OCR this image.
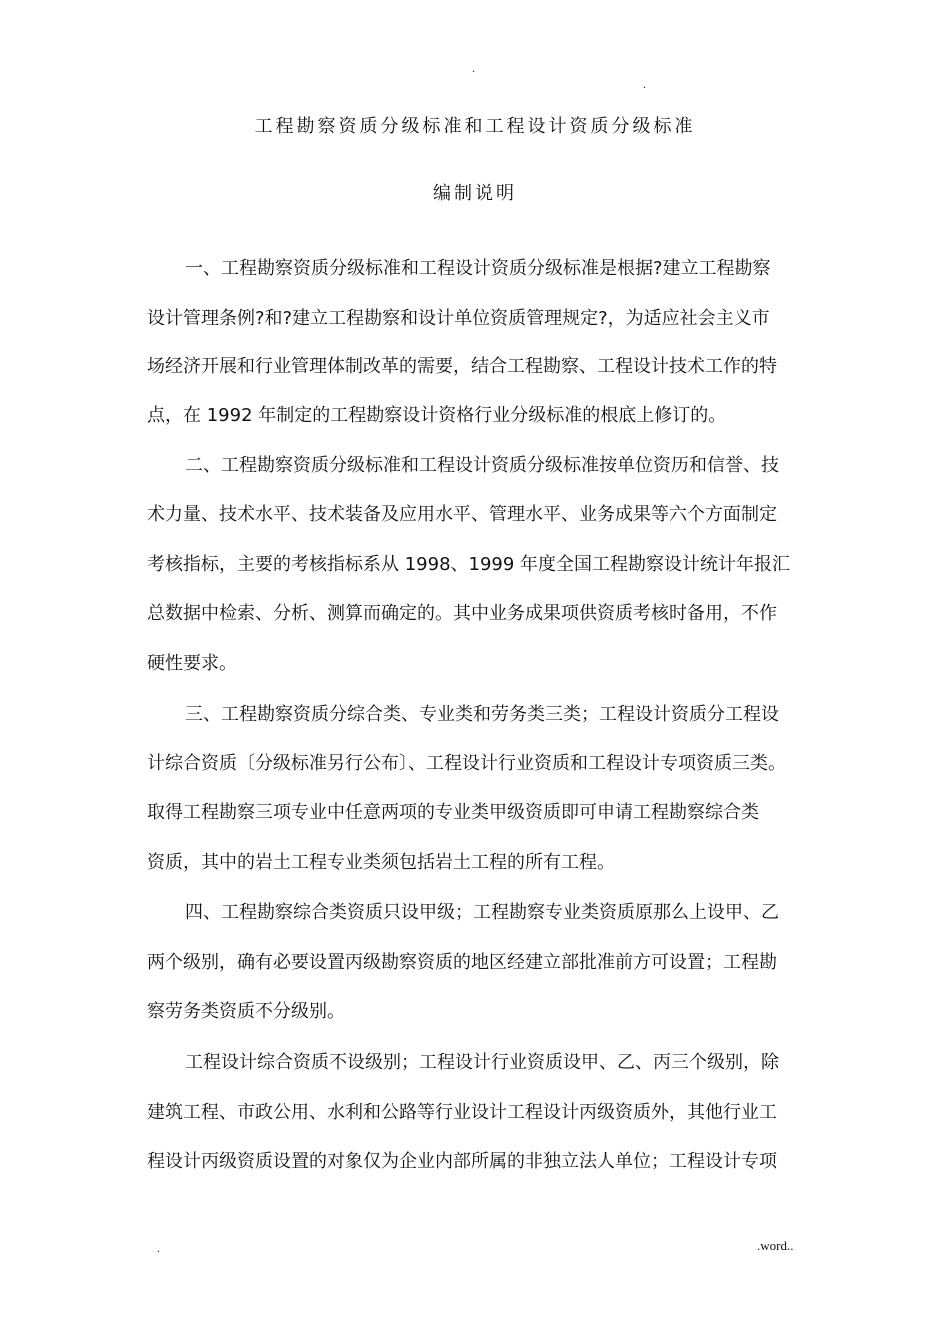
.
.
工程勘察资质分级标准和工程设计资质分级标准
编制说明
一、工程勘察资质分级标准和工程设计资质分级标准是根据?建立工程勘察
设计管理条例?和?建立工程勘察和设计单位资质管理规定?，为适应社会主义市
场经济开展和行业管理体制改革的需要，结合工程勘察、工程设计技术工作的特
点，在 1992 年制定的工程勘察设计资格行业分级标准的根底上修订的。
二、工程勘察资质分级标准和工程设计资质分级标准按单位资历和信誉、技
术力量、技术水平、技术装备及应用水平、管理水平、业务成果等六个方面制定
考核指标，主要的考核指标系从 1998、1999 年度全国工程勘察设计统计年报汇
总数据中检索、分析、测算而确定的。其中业务成果项供资质考核时备用，不作
硬性要求。
三、工程勘察资质分综合类、专业类和劳务类三类；工程设计资质分工程设
计综合资质〔分级标准另行公布〕、工程设计行业资质和工程设计专项资质三类。
取得工程勘察三项专业中任意两项的专业类甲级资质即可申请工程勘察综合类
资质，其中的岩土工程专业类须包括岩土工程的所有工程。
四、工程勘察综合类资质只设甲级；工程勘察专业类资质原那么上设甲、乙
两个级别，确有必要设置丙级勘察资质的地区经建立部批准前方可设置；工程勘
察劳务类资质不分级别。
工程设计综合资质不设级别；工程设计行业资质设甲、乙、丙三个级别，除
建筑工程、市政公用、水利和公路等行业设计工程设计丙级资质外，其他行业工
程设计丙级资质设置的对象仅为企业内部所属的非独立法人单位；工程设计专项
.	.word..
